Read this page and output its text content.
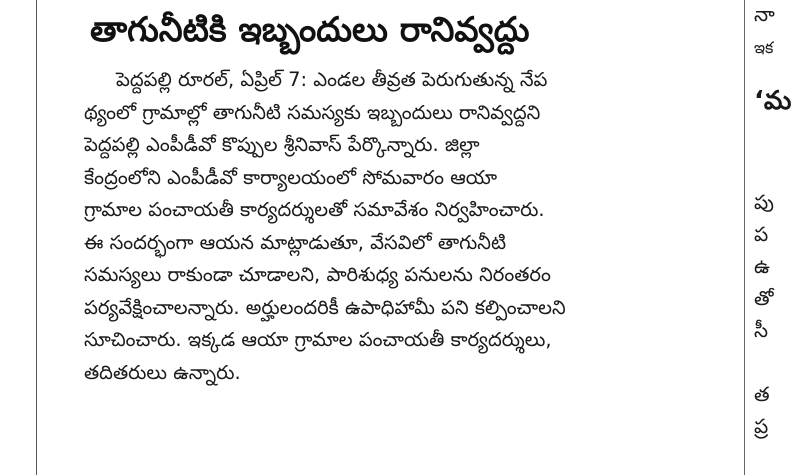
తాగునీటికి ఇబ్బందులు రానివ్వద్దు
పెద్దపల్లి రూరల్, ఏప్రిల్ 7: ఎండల తీవ్రత పెరుగుతున్న నేప
థ్యంలో గ్రామాల్లో తాగునీటి సమస్యకు ఇబ్బందులు రానివ్వద్దని
పెద్దపల్లి ఎంపీడీవో కొప్పుల శ్రీనివాస్ పేర్కొన్నారు. జిల్లా
కేంద్రంలోని ఎంపీడీవో కార్యాలయంలో సోమవారం ఆయా
గ్రామాల పంచాయతీ కార్యదర్శులతో సమావేశం నిర్వహించారు.
ఈ సందర్భంగా ఆయన మాట్లాడుతూ, వేసవిలో తాగునీటి
సమస్యలు రాకుండా చూడాలని, పారిశుధ్య పనులను నిరంతరం
పర్యవేక్షించాలన్నారు. అర్హులందరికీ ఉపాధిహామీ పని కల్పించాలని
సూచించారు. ఇక్కడ ఆయా గ్రామాల పంచాయతీ కార్యదర్శులు,
తదితరులు ఉన్నారు.
నా
ఇక
‘మ
పు
ప
ఉ
తో
సీ
త
ప్ర
